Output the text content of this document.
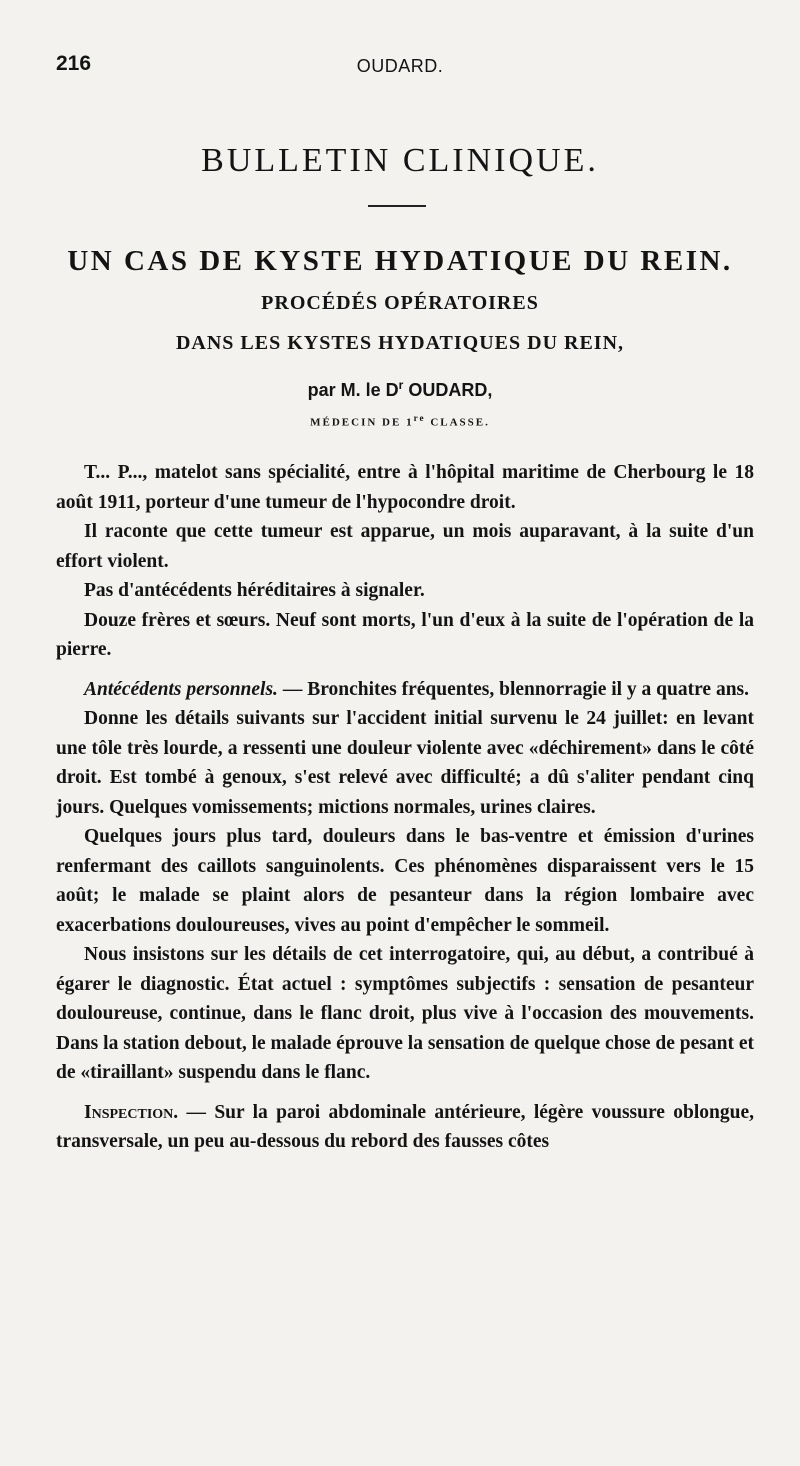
216	OUDARD.
BULLETIN CLINIQUE.
UN CAS DE KYSTE HYDATIQUE DU REIN.
PROCÉDÉS OPÉRATOIRES
DANS LES KYSTES HYDATIQUES DU REIN,
par M. le $D^r$ OUDARD,
MÉDECIN DE 1re CLASSE.

T... P..., matelot sans spécialité, entre à l'hôpital maritime de Cherbourg le 18 août 1911, porteur d'une tumeur de l'hypocondre droit.

Il raconte que cette tumeur est apparue, un mois auparavant, à la suite d'un effort violent.

Pas d'antécédents héréditaires à signaler.

Douze frères et sœurs. Neuf sont morts, l'un d'eux à la suite de l'opération de la pierre.

Antécédents personnels. — Bronchites fréquentes, blennorragie il y a quatre ans.

Donne les détails suivants sur l'accident initial survenu le 24 juillet: en levant une tôle très lourde, a ressenti une douleur violente avec «déchirement» dans le côté droit. Est tombé à genoux, s'est relevé avec difficulté; a dû s'aliter pendant cinq jours. Quelques vomissements; mictions normales, urines claires.

Quelques jours plus tard, douleurs dans le bas-ventre et émission d'urines renfermant des caillots sanguinolents. Ces phénomènes disparaissent vers le 15 août; le malade se plaint alors de pesanteur dans la région lombaire avec exacerbations douloureuses, vives au point d'empêcher le sommeil.

Nous insistons sur les détails de cet interrogatoire, qui, au début, a contribué à égarer le diagnostic. État actuel : symptômes subjectifs : sensation de pesanteur douloureuse, continue, dans le flanc droit, plus vive à l'occasion des mouvements. Dans la station debout, le malade éprouve la sensation de quelque chose de pesant et de «tiraillant» suspendu dans le flanc.

Inspection. — Sur la paroi abdominale antérieure, légère voussure oblongue, transversale, un peu au-dessous du rebord des fausses côtes
